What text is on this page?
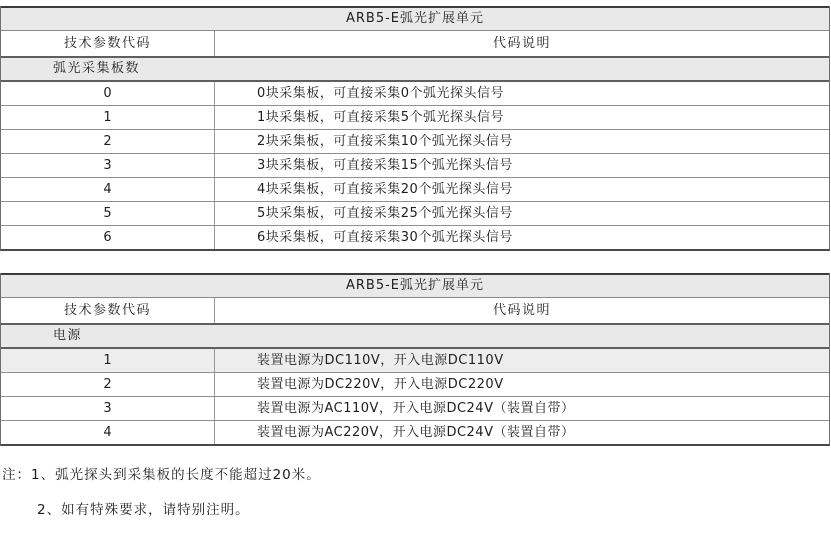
ARB5-E弧光扩展单元
技术参数代码	代码说明
弧光采集板数
0	0块采集板，可直接采集0个弧光探头信号
1	1块采集板，可直接采集5个弧光探头信号
2	2块采集板，可直接采集10个弧光探头信号
3	3块采集板，可直接采集15个弧光探头信号
4	4块采集板，可直接采集20个弧光探头信号
5	5块采集板，可直接采集25个弧光探头信号
6	6块采集板，可直接采集30个弧光探头信号
ARB5-E弧光扩展单元
技术参数代码	代码说明
电源
1	装置电源为DC110V，开入电源DC110V
2	装置电源为DC220V，开入电源DC220V
3	装置电源为AC110V，开入电源DC24V（装置自带）
4	装置电源为AC220V，开入电源DC24V（装置自带）
注：1、弧光探头到采集板的长度不能超过20米。
2、如有特殊要求，请特别注明。
